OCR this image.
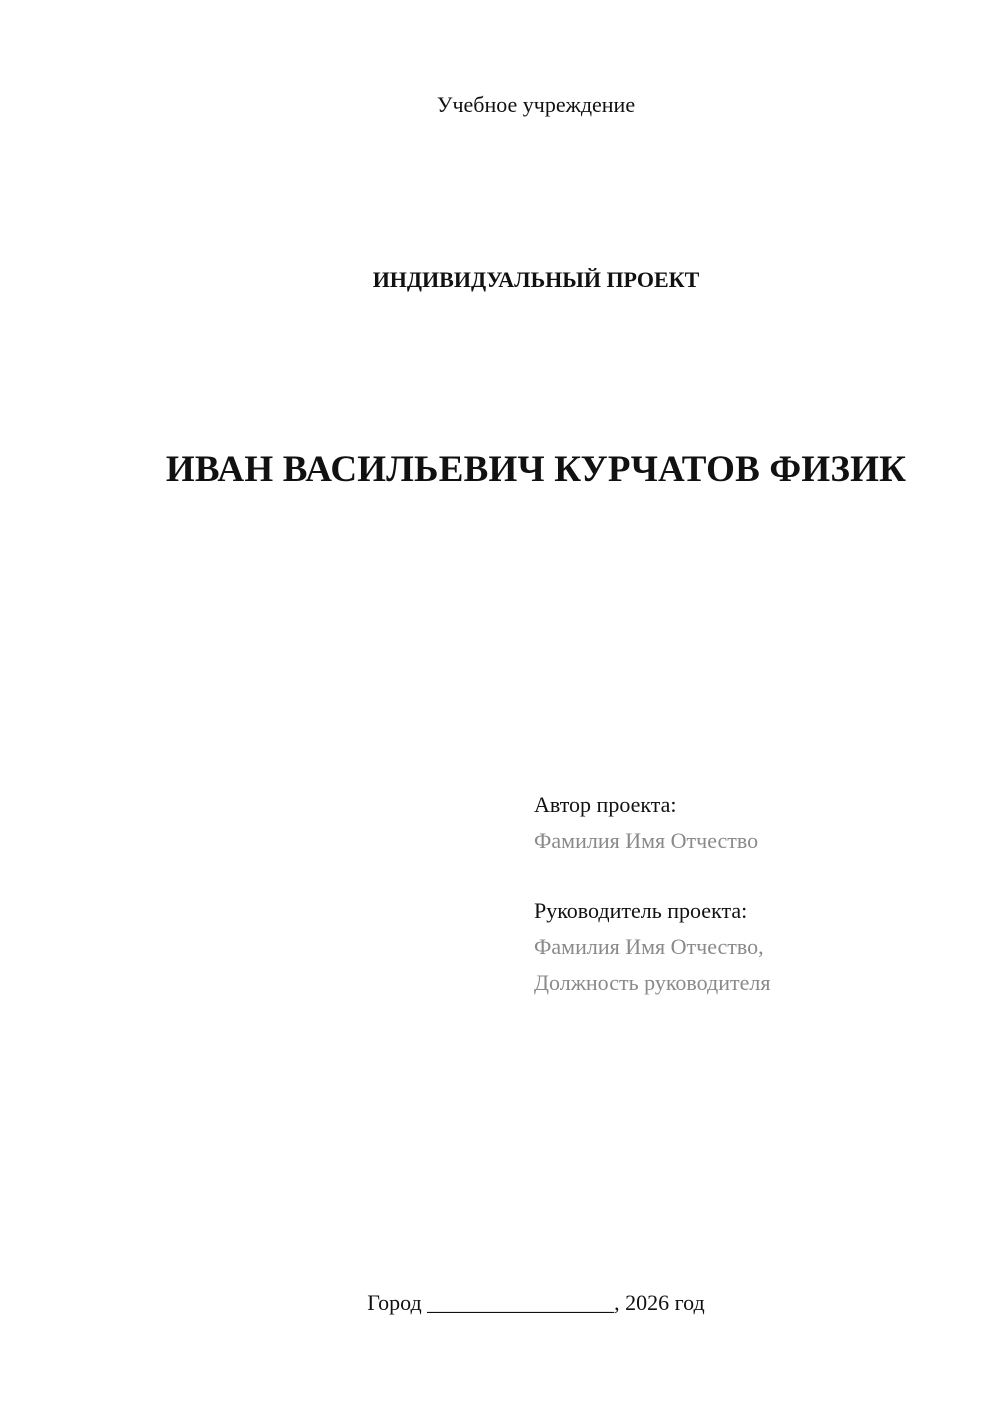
Учебное учреждение
ИНДИВИДУАЛЬНЫЙ ПРОЕКТ
ИВАН ВАСИЛЬЕВИЧ КУРЧАТОВ ФИЗИК
Автор проекта:
Фамилия Имя Отчество
Руководитель проекта:
Фамилия Имя Отчество,
Должность руководителя
Город _________________, 2026 год
